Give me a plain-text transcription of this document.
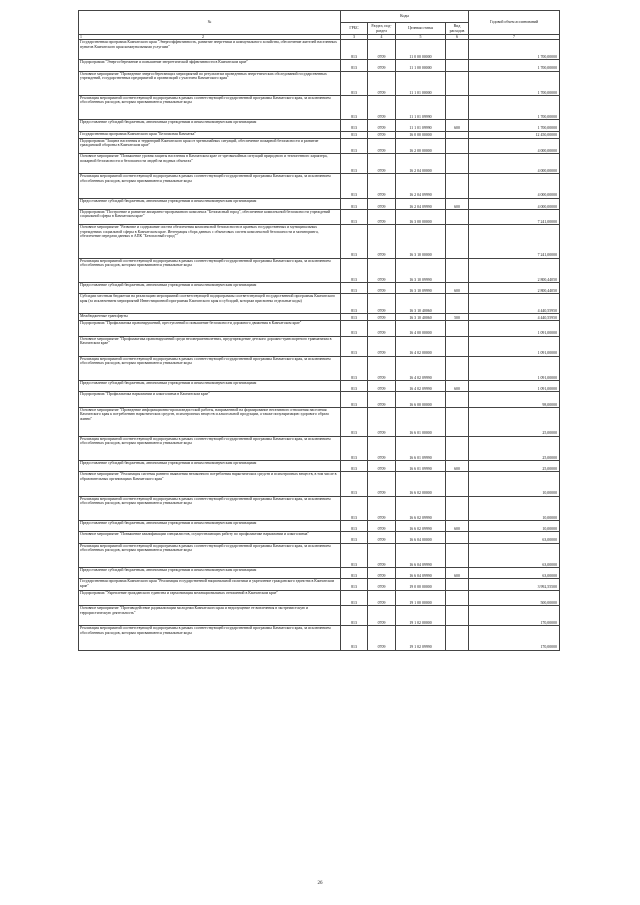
№	Коды				Годовой объем ассигнований
	ГРБС	Раздел, под-раздел	Целевая статья	Вид расходов	
1 2	3	4	5	6	7
Государственная программа Камчатского края "Энергоэффективность, развитие энергетики и коммунального хозяйства, обеспечение жителей населенных пунктов Камчатского края коммунальными услугами"	813	0709	11 0 00 00000		1 700,00000
Подпрограмма "Энергосбережение и повышение энергетической эффективности в Камчатском крае"	813	0709	11 1 00 00000		1 700,00000
Основное мероприятие "Проведение энергосберегающих мероприятий по результатам проведенных энергетических обследований государственных учреждений, государственных предприятий и организаций с участием Камчатского края"	813	0709	11 1 01 00000		1 700,00000
Реализация мероприятий соответствующей подпрограммы в рамках соответствующей государственной программы Камчатского края, за исключением обособленных расходов, которым присваиваются уникальные коды	813	0709	11 1 01 09990		1 700,00000
Предоставление субсидий бюджетным, автономным учреждениям и иным некоммерческим организациям	813	0709	11 1 01 09990	600	1 700,00000
Государственная программа Камчатского края "Безопасная Камчатка"	813	0709	16 0 00 00000		12 450,00000
Подпрограмма "Защита населения и территорий Камчатского края от чрезвычайных ситуаций, обеспечение пожарной безопасности и развитие гражданской обороны в Камчатском крае"	813	0709	16 2 00 00000		4 000,00000
Основное мероприятие "Повышение уровня защиты населения в Камчатском крае от чрезвычайных ситуаций природного и техногенного характера, пожарной безопасности и безопасности людей на водных объектах"	813	0709	16 2 04 00000		4 000,00000
Реализация мероприятий соответствующей подпрограммы в рамках соответствующей государственной программы Камчатского края, за исключением обособленных расходов, которым присваиваются уникальные коды	813	0709	16 2 04 09990		4 000,00000
Предоставление субсидий бюджетным, автономным учреждениям и иным некоммерческим организациям	813	0709	16 2 04 09990	600	4 000,00000
Подпрограмма "Построение и развитие аппаратно-программного комплекса "Безопасный город", обеспечение комплексной безопасности учреждений социальной сферы в Камчатском крае"	813	0709	16 3 00 00000		7 241,00000
Основное мероприятие "Развитие и содержание систем обеспечения комплексной безопасности в краевых государственных и муниципальных учреждениях социальной сферы в Камчатском крае. Интеграция сбора данных с объектовых систем комплексной безопасности и мониторинга, обеспечение передачи данных в АПК "Безопасный город""	813	0709	16 3 10 00000		7 241,00000
Реализация мероприятий соответствующей подпрограммы в рамках соответствующей государственной программы Камчатского края, за исключением обособленных расходов, которым присваиваются уникальные коды	813	0709	16 3 10 09990		2 800,44050
Предоставление субсидий бюджетным, автономным учреждениям и иным некоммерческим организациям	813	0709	16 3 10 09990	600	2 800,44050
Субсидии местным бюджетам на реализацию мероприятий соответствующей подпрограммы соответствующей государственной программы Камчатского края (за исключением мероприятий Инвестиционной программы Камчатского края и субсидий, которым присвоены отдельные коды)	813	0709	16 3 10 40060		4 440,55950
Межбюджетные трансферты	813	0709	16 3 10 40060	500	4 440,55950
Подпрограмма "Профилактика правонарушений, преступлений и повышение безопасности дорожного движения в Камчатском крае"	813	0709	16 4 00 00000		1 091,00000
Основное мероприятие "Профилактика правонарушений среди несовершеннолетних, предупреждение детского дорожно-транспортного травматизма в Камчатском крае"	813	0709	16 4 02 00000		1 091,00000
Реализация мероприятий соответствующей подпрограммы в рамках соответствующей государственной программы Камчатского края, за исключением обособленных расходов, которым присваиваются уникальные коды	813	0709	16 4 02 09990		1 091,00000
Предоставление субсидий бюджетным, автономным учреждениям и иным некоммерческим организациям	813	0709	16 4 02 09990	600	1 091,00000
Подпрограмма "Профилактика наркомании и алкоголизма в Камчатском крае"	813	0709	16 6 00 00000		98,00000
Основное мероприятие "Проведение информационно-пропагандистской работы, направленной на формирование негативного отношения населения Камчатского края к потреблению наркотических средств, психотропных веществ и алкогольной продукции, а также популяризацию здорового образа жизни"	813	0709	16 6 01 00000		25,00000
Реализация мероприятий соответствующей подпрограммы в рамках соответствующей государственной программы Камчатского края, за исключением обособленных расходов, которым присваиваются уникальные коды	813	0709	16 6 01 09990		25,00000
Предоставление субсидий бюджетным, автономным учреждениям и иным некоммерческим организациям	813	0709	16 6 01 09990	600	25,00000
Основное мероприятие "Реализация системы раннего выявления незаконного потребления наркотических средств и психотропных веществ, в том числе в образовательных организациях Камчатского края"	813	0709	16 6 02 00000		10,00000
Реализация мероприятий соответствующей подпрограммы в рамках соответствующей государственной программы Камчатского края, за исключением обособленных расходов, которым присваиваются уникальные коды	813	0709	16 6 02 09990		10,00000
Предоставление субсидий бюджетным, автономным учреждениям и иным некоммерческим организациям	813	0709	16 6 02 09990	600	10,00000
Основное мероприятие "Повышение квалификации специалистов, осуществляющих работу по профилактике наркомании и алкоголизма"	813	0709	16 6 04 00000		63,00000
Реализация мероприятий соответствующей подпрограммы в рамках соответствующей государственной программы Камчатского края, за исключением обособленных расходов, которым присваиваются уникальные коды	813	0709	16 6 04 09990		63,00000
Предоставление субсидий бюджетным, автономным учреждениям и иным некоммерческим организациям	813	0709	16 6 04 09990	600	63,00000
Государственная программа Камчатского края "Реализация государственной национальной политики и укрепление гражданского единства в Камчатском крае"	813	0709	19 0 00 00000		3 992,55500
Подпрограмма "Укрепление гражданского единства и гармонизация межнациональных отношений в Камчатском крае"	813	0709	19 1 00 00000		500,00000
Основное мероприятие "Противодействие радикализации молодежи Камчатского края и недопущение ее вовлечения в экстремистскую и террористическую деятельность"	813	0709	19 1 02 00000		170,00000
Реализация мероприятий соответствующей подпрограммы в рамках соответствующей государственной программы Камчатского края, за исключением обособленных расходов, которым присваиваются уникальные коды	813	0709	19 1 02 09990		170,00000
26
